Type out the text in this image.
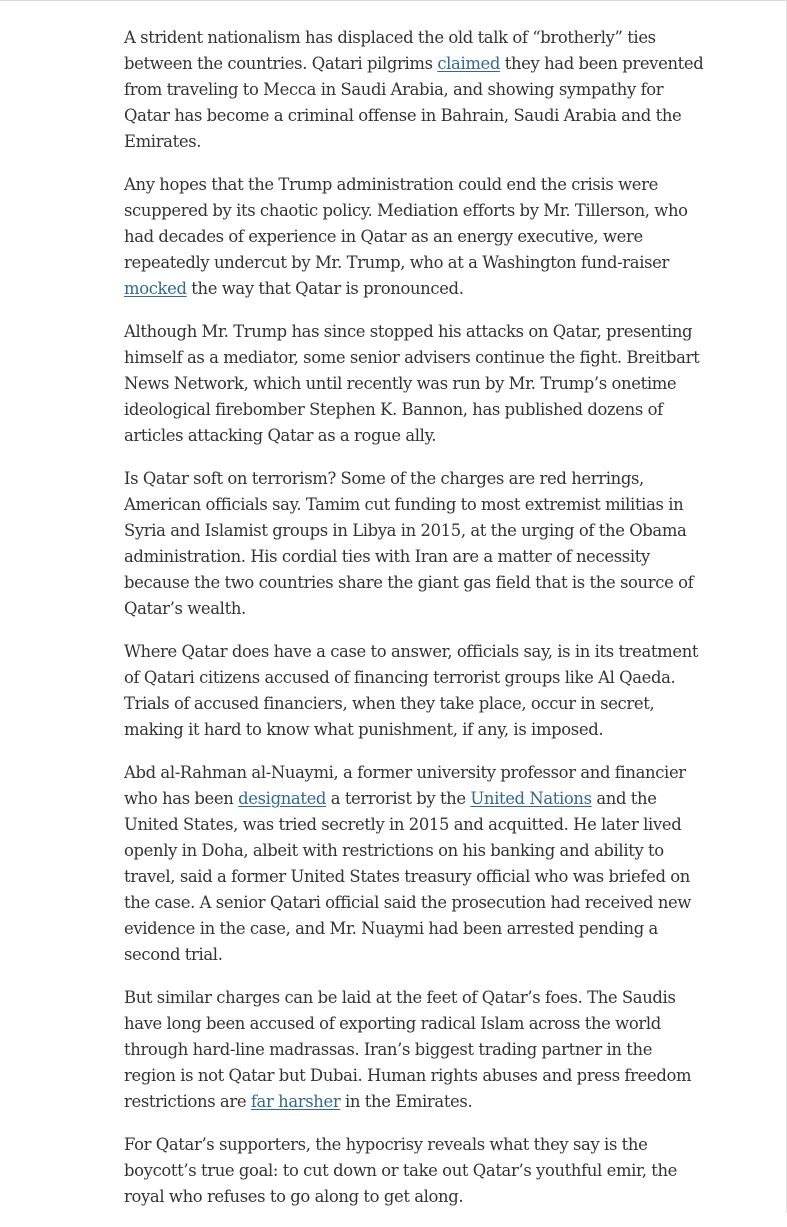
A strident nationalism has displaced the old talk of “brotherly” ties between the countries. Qatari pilgrims claimed they had been prevented from traveling to Mecca in Saudi Arabia, and showing sympathy for Qatar has become a criminal offense in Bahrain, Saudi Arabia and the Emirates.

Any hopes that the Trump administration could end the crisis were scuppered by its chaotic policy. Mediation efforts by Mr. Tillerson, who had decades of experience in Qatar as an energy executive, were repeatedly undercut by Mr. Trump, who at a Washington fund-raiser mocked the way that Qatar is pronounced.

Although Mr. Trump has since stopped his attacks on Qatar, presenting himself as a mediator, some senior advisers continue the fight. Breitbart News Network, which until recently was run by Mr. Trump’s onetime ideological firebomber Stephen K. Bannon, has published dozens of articles attacking Qatar as a rogue ally.

Is Qatar soft on terrorism? Some of the charges are red herrings, American officials say. Tamim cut funding to most extremist militias in Syria and Islamist groups in Libya in 2015, at the urging of the Obama administration. His cordial ties with Iran are a matter of necessity because the two countries share the giant gas field that is the source of Qatar’s wealth.

Where Qatar does have a case to answer, officials say, is in its treatment of Qatari citizens accused of financing terrorist groups like Al Qaeda. Trials of accused financiers, when they take place, occur in secret, making it hard to know what punishment, if any, is imposed.

Abd al-Rahman al-Nuaymi, a former university professor and financier who has been designated a terrorist by the United Nations and the United States, was tried secretly in 2015 and acquitted. He later lived openly in Doha, albeit with restrictions on his banking and ability to travel, said a former United States treasury official who was briefed on the case. A senior Qatari official said the prosecution had received new evidence in the case, and Mr. Nuaymi had been arrested pending a second trial.

But similar charges can be laid at the feet of Qatar’s foes. The Saudis have long been accused of exporting radical Islam across the world through hard-line madrassas. Iran’s biggest trading partner in the region is not Qatar but Dubai. Human rights abuses and press freedom restrictions are far harsher in the Emirates.

For Qatar’s supporters, the hypocrisy reveals what they say is the boycott’s true goal: to cut down or take out Qatar’s youthful emir, the royal who refuses to go along to get along.
